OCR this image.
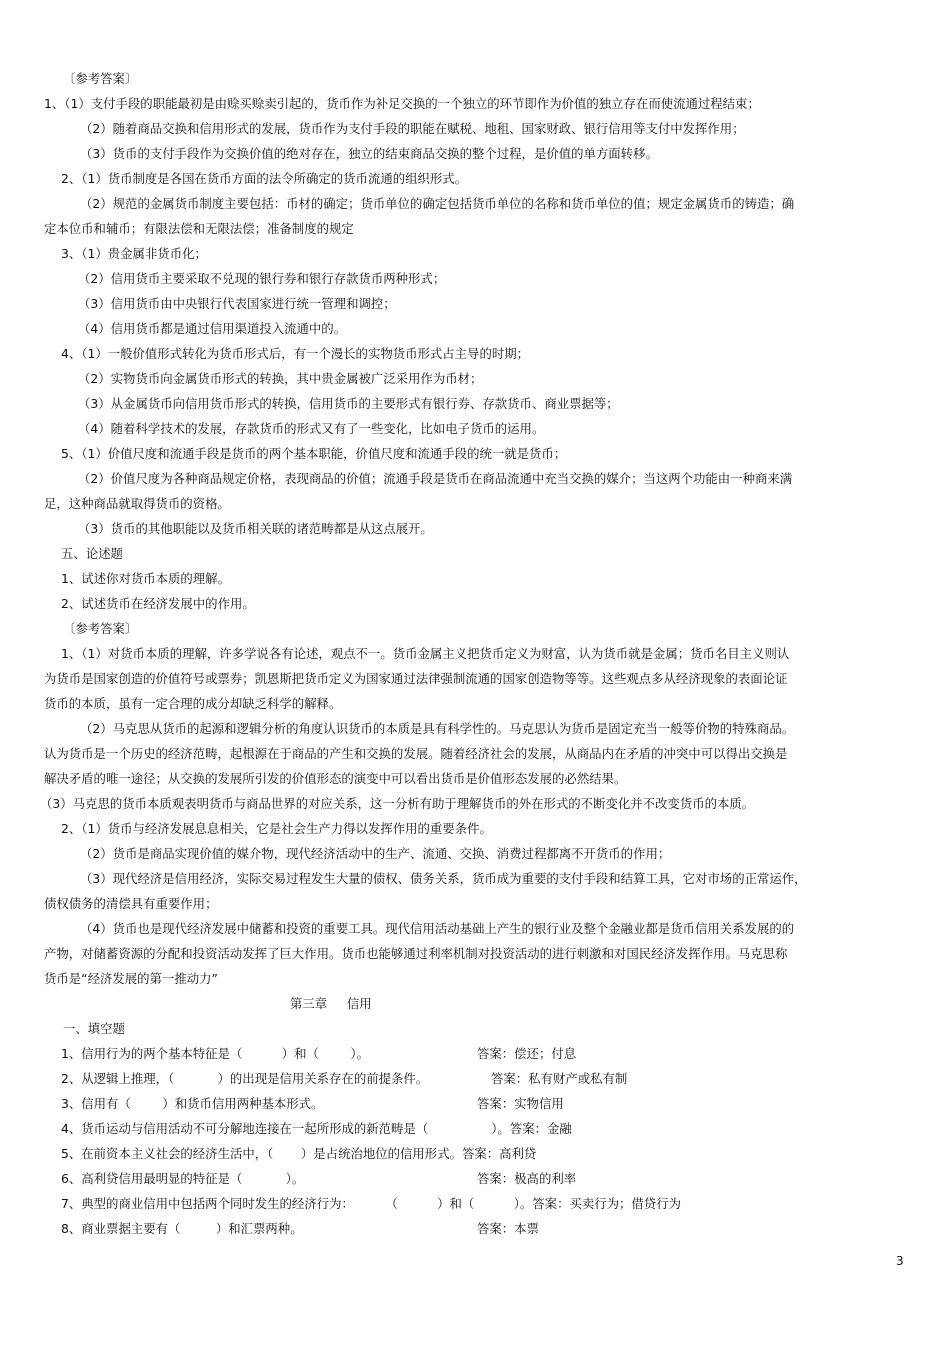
〔参考答案〕
1、（1）支付手段的职能最初是由赊买赊卖引起的，货币作为补足交换的一个独立的环节即作为价值的独立存在而使流通过程结束；
（2）随着商品交换和信用形式的发展，货币作为支付手段的职能在赋税、地租、国家财政、银行信用等支付中发挥作用；
（3）货币的支付手段作为交换价值的绝对存在，独立的结束商品交换的整个过程，是价值的单方面转移。
2、（1）货币制度是各国在货币方面的法令所确定的货币流通的组织形式。
（2）规范的金属货币制度主要包括：币材的确定；货币单位的确定包括货币单位的名称和货币单位的值；规定金属货币的铸造；确
定本位币和辅币；有限法偿和无限法偿；准备制度的规定
3、（1）贵金属非货币化；
（2）信用货币主要采取不兑现的银行券和银行存款货币两种形式；
（3）信用货币由中央银行代表国家进行统一管理和调控；
（4）信用货币都是通过信用渠道投入流通中的。
4、（1）一般价值形式转化为货币形式后，有一个漫长的实物货币形式占主导的时期；
（2）实物货币向金属货币形式的转换，其中贵金属被广泛采用作为币材；
（3）从金属货币向信用货币形式的转换，信用货币的主要形式有银行券、存款货币、商业票据等；
（4）随着科学技术的发展，存款货币的形式又有了一些变化，比如电子货币的运用。
5、（1）价值尺度和流通手段是货币的两个基本职能，价值尺度和流通手段的统一就是货币；
（2）价值尺度为各种商品规定价格，表现商品的价值；流通手段是货币在商品流通中充当交换的媒介；当这两个功能由一种商来满
足，这种商品就取得货币的资格。
（3）货币的其他职能以及货币相关联的诸范畴都是从这点展开。
五、论述题
1、试述你对货币本质的理解。
2、试述货币在经济发展中的作用。
〔参考答案〕
1、（1）对货币本质的理解，许多学说各有论述，观点不一。货币金属主义把货币定义为财富，认为货币就是金属；货币名目主义则认
为货币是国家创造的价值符号或票券；凯恩斯把货币定义为国家通过法律强制流通的国家创造物等等。这些观点多从经济现象的表面论证
货币的本质，虽有一定合理的成分却缺乏科学的解释。
（2）马克思从货币的起源和逻辑分析的角度认识货币的本质是具有科学性的。马克思认为货币是固定充当一般等价物的特殊商品。
认为货币是一个历史的经济范畴，起根源在于商品的产生和交换的发展。随着经济社会的发展，从商品内在矛盾的冲突中可以得出交换是
解决矛盾的唯一途径；从交换的发展所引发的价值形态的演变中可以看出货币是价值形态发展的必然结果。
（3）马克思的货币本质观表明货币与商品世界的对应关系，这一分析有助于理解货币的外在形式的不断变化并不改变货币的本质。
2、（1）货币与经济发展息息相关，它是社会生产力得以发挥作用的重要条件。
（2）货币是商品实现价值的媒介物，现代经济活动中的生产、流通、交换、消费过程都离不开货币的作用；
（3）现代经济是信用经济，实际交易过程发生大量的债权、债务关系，货币成为重要的支付手段和结算工具，它对市场的正常运作，
债权债务的清偿具有重要作用；
（4）货币也是现代经济发展中储蓄和投资的重要工具。现代信用活动基础上产生的银行业及整个金融业都是货币信用关系发展的的
产物，对储蓄资源的分配和投资活动发挥了巨大作用。货币也能够通过利率机制对投资活动的进行刺激和对国民经济发挥作用。马克思称
货币是“经济发展的第一推动力”
第三章     信用
一、填空题
1、信用行为的两个基本特征是（          ）和（        ）。	答案：偿还；付息
2、从逻辑上推理，（           ）的出现是信用关系存在的前提条件。	答案：私有财产或私有制
3、信用有（        ）和货币信用两种基本形式。	答案：实物信用
4、货币运动与信用活动不可分解地连接在一起所形成的新范畴是（                ）。答案：金融
5、在前资本主义社会的经济生活中，（       ）是占统治地位的信用形式。答案：高利贷
6、高利贷信用最明显的特征是（           ）。	答案：极高的利率
7、典型的商业信用中包括两个同时发生的经济行为：        （          ）和（          ）。答案：买卖行为；借贷行为
8、商业票据主要有（         ）和汇票两种。	答案：本票
3
